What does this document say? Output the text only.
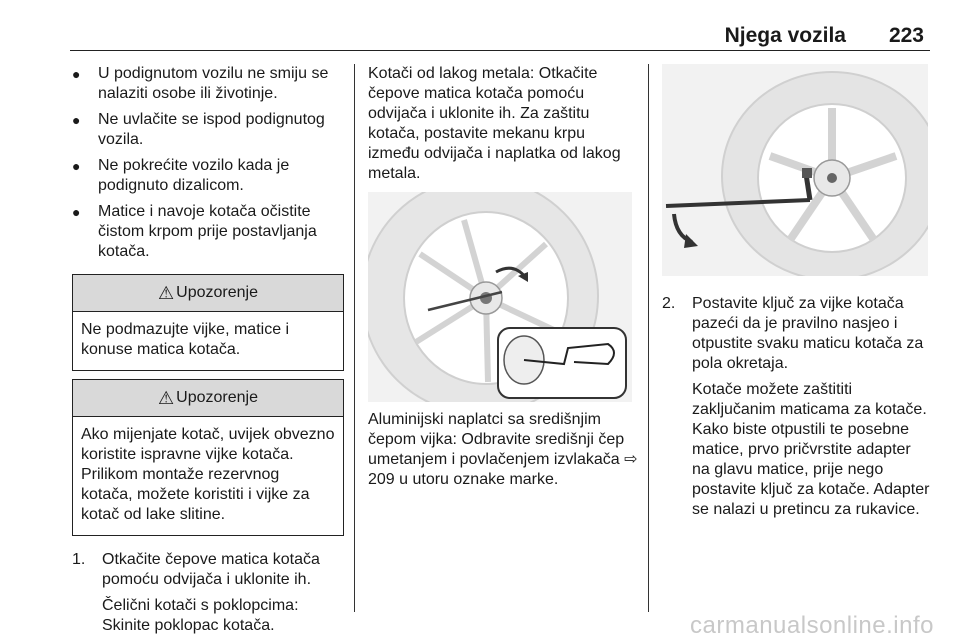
Njega vozila 223
●	U podignutom vozilu ne smiju se nalaziti osobe ili životinje.
●	Ne uvlačite se ispod podignutog vozila.
●	Ne pokrećite vozilo kada je podignuto dizalicom.
●	Matice i navoje kotača očistite čistom krpom prije postavljanja kotača.
⚠ Upozorenje
Ne podmazujte vijke, matice i konuse matica kotača.
⚠ Upozorenje
Ako mijenjate kotač, uvijek obvezno koristite ispravne vijke kotača. Prilikom montaže rezervnog kotača, možete koristiti i vijke za kotač od lake slitine.
1.	Otkačite čepove matica kotača pomoću odvijača i uklonite ih.

Čelični kotači s poklopcima: Skinite poklopac kotača.

Kotači od lakog metala: Otkačite čepove matica kotača pomoću odvijača i uklonite ih. Za zaštitu kotača, postavite mekanu krpu između odvijača i naplatka od lakog metala.

Aluminijski naplatci sa središnjim čepom vijka: Odbravite središnji čep umetanjem i povlačenjem izvlakača ⇨ 209 u utoru oznake marke.

2.	Postavite ključ za vijke kotača pazeći da je pravilno nasjeo i otpustite svaku maticu kotača za pola okretaja.

Kotače možete zaštititi zaključanim maticama za kotače. Kako biste otpustili te posebne matice, prvo pričvrstite adapter na glavu matice, prije nego postavite ključ za kotače. Adapter se nalazi u pretincu za rukavice.

carmanualsonline.info
